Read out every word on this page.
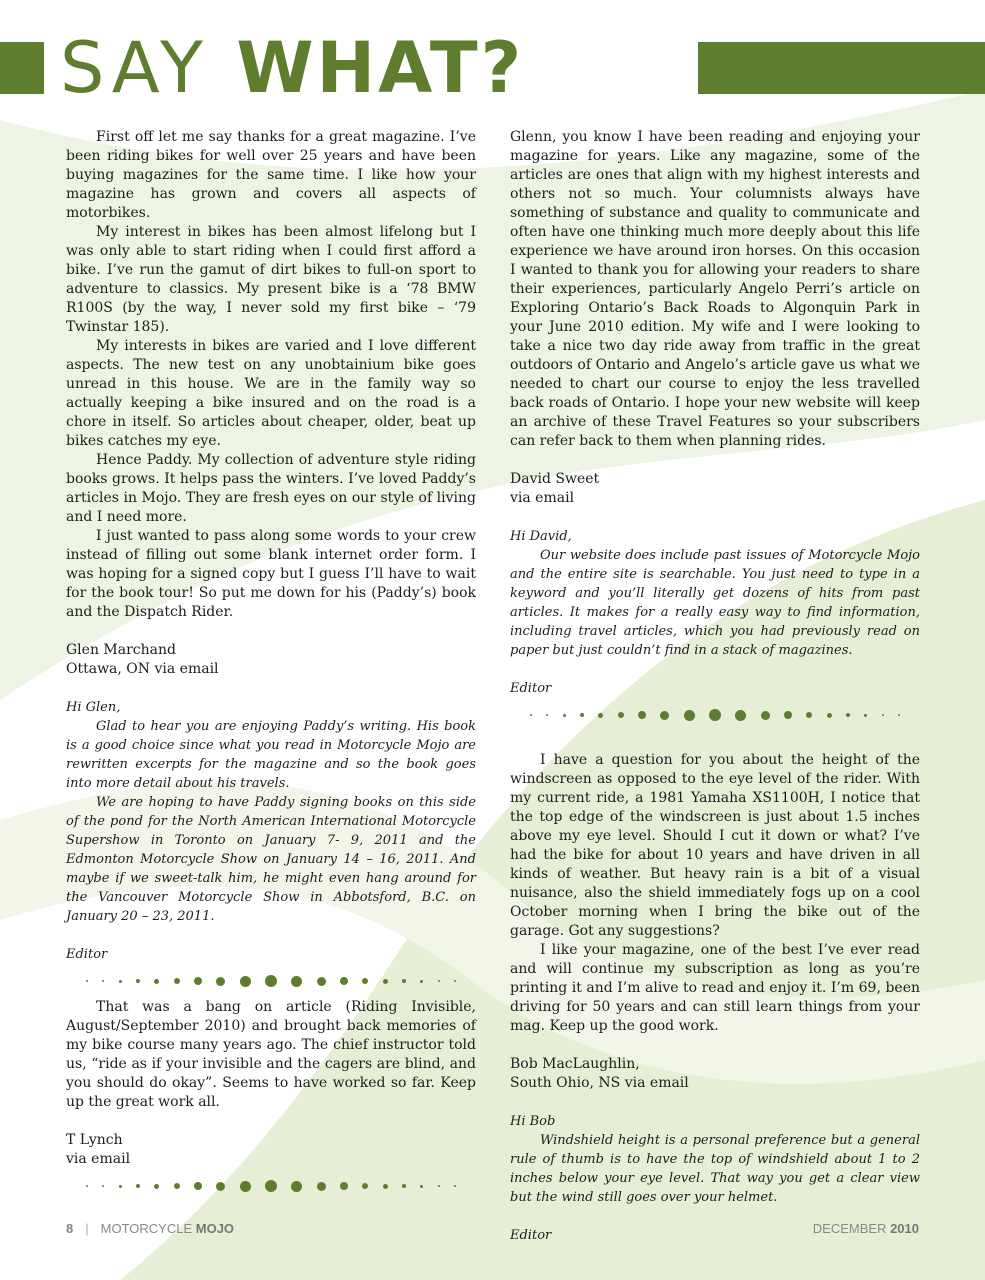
SAY WHAT?

First off let me say thanks for a great magazine. I’ve been riding bikes for well over 25 years and have been buying magazines for the same time. I like how your magazine has grown and covers all aspects of motorbikes.

My interest in bikes has been almost lifelong but I was only able to start riding when I could first afford a bike. I’ve run the gamut of dirt bikes to full-on sport to adventure to classics. My present bike is a ‘78 BMW R100S (by the way, I never sold my first bike – ‘79 Twinstar 185).

My interests in bikes are varied and I love different aspects. The new test on any unobtainium bike goes unread in this house. We are in the family way so actually keeping a bike insured and on the road is a chore in itself. So articles about cheaper, older, beat up bikes catches my eye.

Hence Paddy. My collection of adventure style riding books grows. It helps pass the winters. I’ve loved Paddy’s articles in Mojo. They are fresh eyes on our style of living and I need more.

I just wanted to pass along some words to your crew instead of filling out some blank internet order form. I was hoping for a signed copy but I guess I’ll have to wait for the book tour! So put me down for his (Paddy’s) book and the Dispatch Rider.

Glen Marchand

Ottawa, ON via email

Hi Glen,

Glad to hear you are enjoying Paddy’s writing. His book is a good choice since what you read in Motorcycle Mojo are rewritten excerpts for the magazine and so the book goes into more detail about his travels.

We are hoping to have Paddy signing books on this side of the pond for the North American International Motorcycle Supershow in Toronto on January 7- 9, 2011 and the Edmonton Motorcycle Show on January 14 – 16, 2011. And maybe if we sweet-talk him, he might even hang around for the Vancouver Motorcycle Show in Abbotsford, B.C. on January 20 – 23, 2011.

Editor

That was a bang on article (Riding Invisible, August/September 2010) and brought back memories of my bike course many years ago. The chief instructor told us, “ride as if your invisible and the cagers are blind, and you should do okay”. Seems to have worked so far. Keep up the great work all.

T Lynch

via email

Glenn, you know I have been reading and enjoying your magazine for years. Like any magazine, some of the articles are ones that align with my highest interests and others not so much. Your columnists always have something of substance and quality to communicate and often have one thinking much more deeply about this life experience we have around iron horses. On this occasion I wanted to thank you for allowing your readers to share their experiences, particularly Angelo Perri’s article on Exploring Ontario’s Back Roads to Algonquin Park in your June 2010 edition. My wife and I were looking to take a nice two day ride away from traffic in the great outdoors of Ontario and Angelo’s article gave us what we needed to chart our course to enjoy the less travelled back roads of Ontario. I hope your new website will keep an archive of these Travel Features so your subscribers can refer back to them when planning rides.

David Sweet

via email

Hi David,

Our website does include past issues of Motorcycle Mojo and the entire site is searchable. You just need to type in a keyword and you’ll literally get dozens of hits from past articles. It makes for a really easy way to find information, including travel articles, which you had previously read on paper but just couldn’t find in a stack of magazines.

Editor

I have a question for you about the height of the windscreen as opposed to the eye level of the rider. With my current ride, a 1981 Yamaha XS1100H, I notice that the top edge of the windscreen is just about 1.5 inches above my eye level. Should I cut it down or what? I’ve had the bike for about 10 years and have driven in all kinds of weather. But heavy rain is a bit of a visual nuisance, also the shield immediately fogs up on a cool October morning when I bring the bike out of the garage. Got any suggestions?

I like your magazine, one of the best I’ve ever read and will continue my subscription as long as you’re printing it and I’m alive to read and enjoy it. I’m 69, been driving for 50 years and can still learn things from your mag. Keep up the good work.

Bob MacLaughlin,

South Ohio, NS via email

Hi Bob

Windshield height is a personal preference but a general rule of thumb is to have the top of windshield about 1 to 2 inches below your eye level. That way you get a clear view but the wind still goes over your helmet.

Editor

8 | MOTORCYCLE MOJO	DECEMBER 2010
